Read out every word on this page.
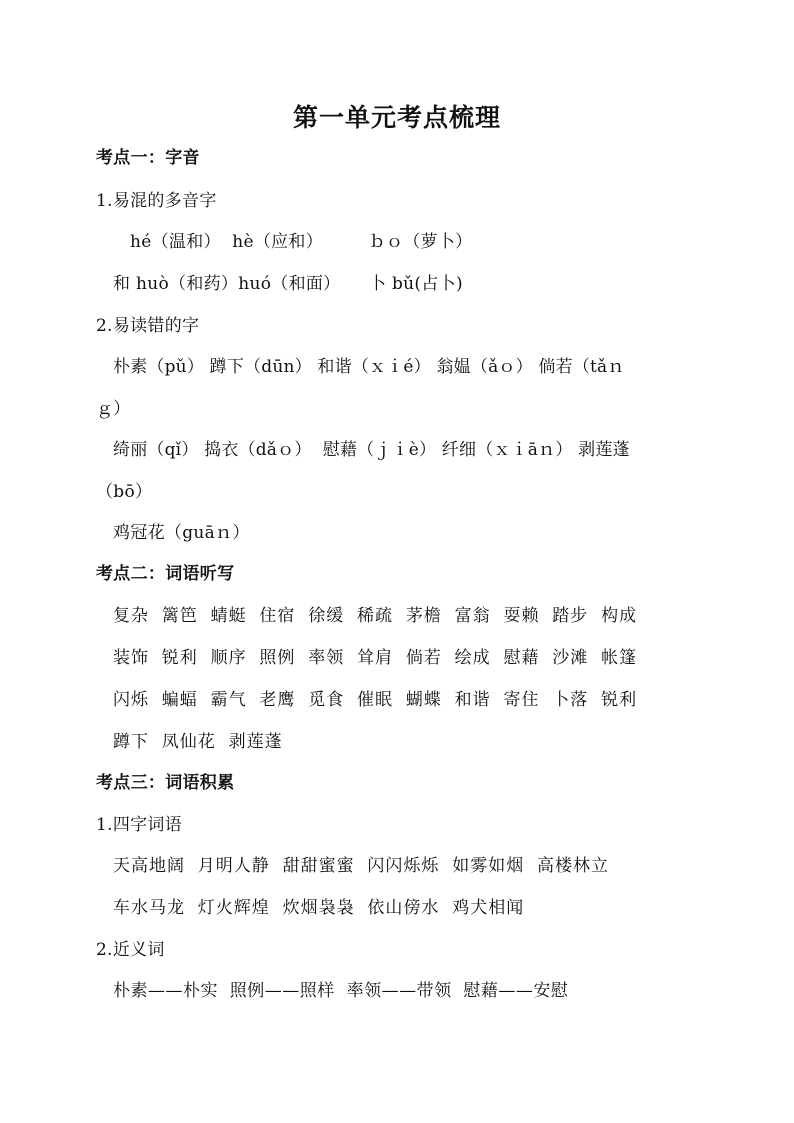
第一单元考点梳理
考点一：字音
1.易混的多音字
hé（温和）  hè（应和）        ｂｏ（萝卜）
和 huò（和药）huó（和面）     卜 bǔ(占卜)
2.易读错的字
朴素（pǔ） 蹲下（dūn） 和谐（ｘｉé） 翁媪（ǎｏ） 倘若（tǎｎ
ｇ）
绮丽（qǐ） 捣衣（dǎｏ）  慰藉（ｊｉè） 纤细（ｘｉāｎ） 剥莲蓬
（bō）
鸡冠花（guāｎ）
考点二：词语听写
复杂  篱笆  蜻蜓  住宿  徐缓  稀疏  茅檐  富翁  耍赖  踏步  构成
装饰  锐利  顺序  照例  率领  耸肩  倘若  绘成  慰藉  沙滩  帐篷
闪烁  蝙蝠  霸气  老鹰  觅食  催眠  蝴蝶  和谐  寄住  卜落  锐利
蹲下  凤仙花  剥莲蓬
考点三：词语积累
1.四字词语
天高地阔  月明人静  甜甜蜜蜜  闪闪烁烁  如雾如烟  高楼林立
车水马龙  灯火辉煌  炊烟袅袅  依山傍水  鸡犬相闻
2.近义词
朴素——朴实  照例——照样  率领——带领  慰藉——安慰
